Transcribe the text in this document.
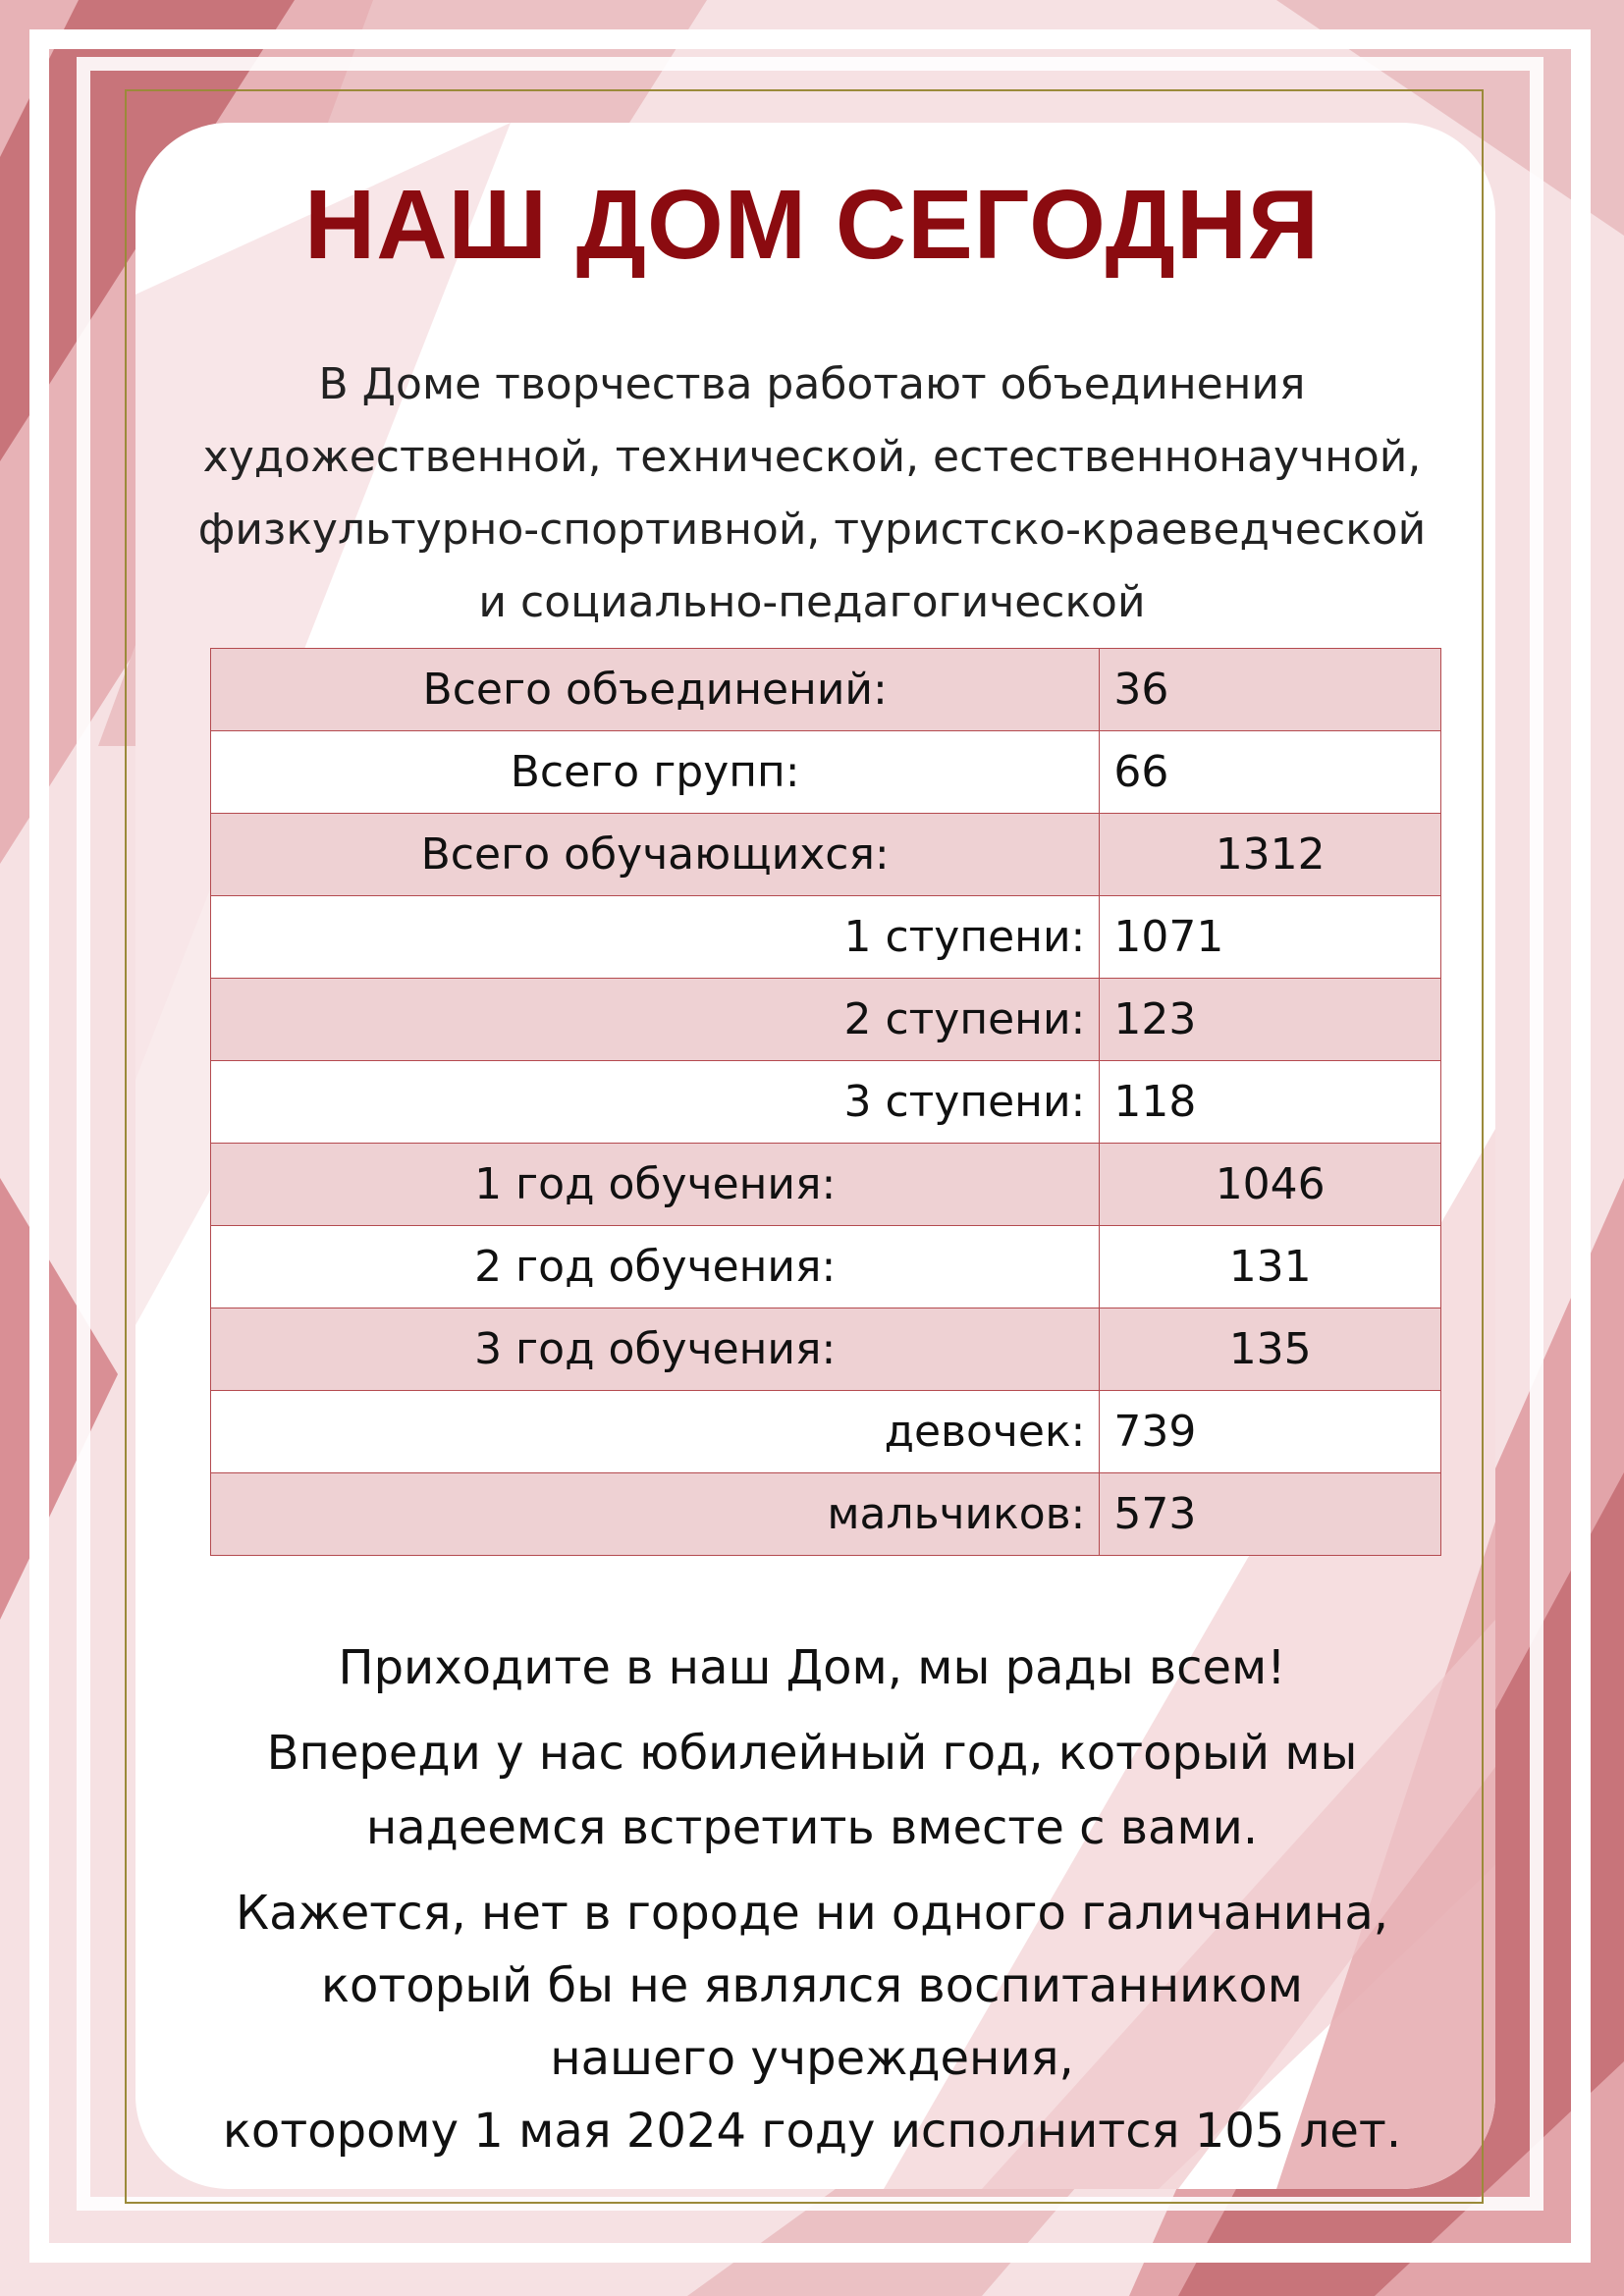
НАШ ДОМ СЕГОДНЯ
В Доме творчества работают объединения
художественной, технической, естественнонаучной,
физкультурно-спортивной, туристско-краеведческой
и социально-педагогической
Всего объединений:	36
Всего групп:	66
Всего обучающихся:	1312
1 ступени:	1071
2 ступени:	123
3 ступени:	118
1 год обучения:	1046
2 год обучения:	131
3 год обучения:	135
девочек:	739
мальчиков:	573
Приходите в наш Дом, мы рады всем!
Впереди у нас юбилейный год, который мы
надеемся встретить вместе с вами.
Кажется, нет в городе ни одного галичанина,
который бы не являлся воспитанником
нашего учреждения,
которому 1 мая 2024 году исполнится 105 лет.
